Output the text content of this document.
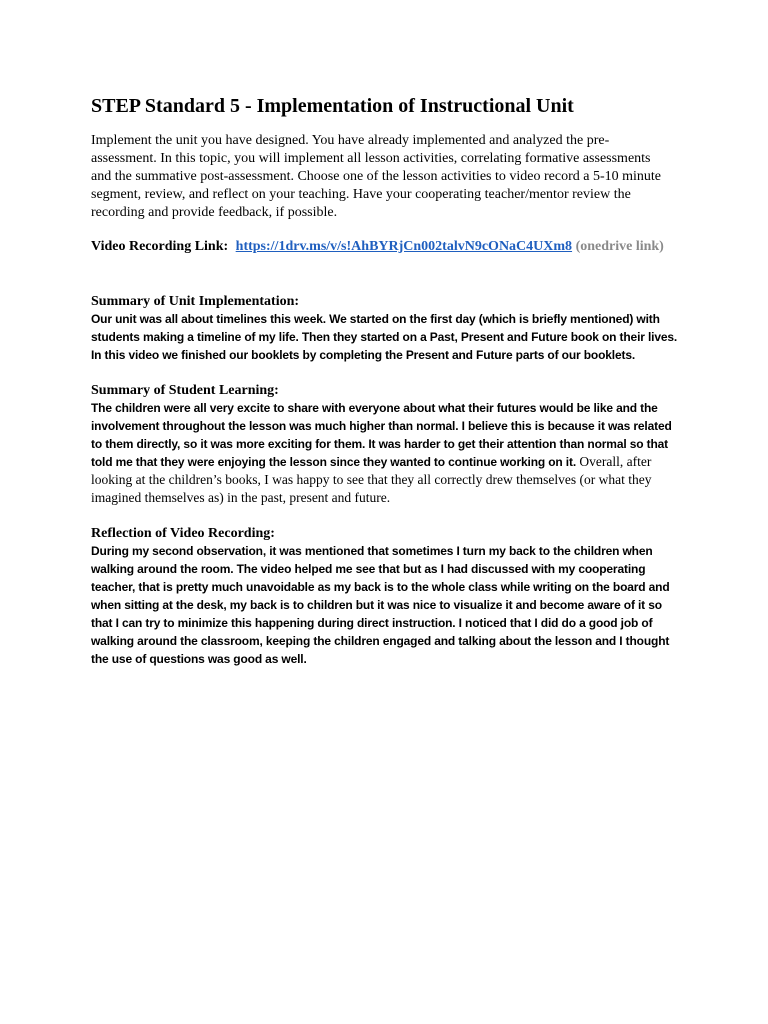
STEP Standard 5 - Implementation of Instructional Unit

Implement the unit you have designed. You have already implemented and analyzed the pre-assessment. In this topic, you will implement all lesson activities, correlating formative assessments and the summative post-assessment. Choose one of the lesson activities to video record a 5-10 minute segment, review, and reflect on your teaching. Have your cooperating teacher/mentor review the recording and provide feedback, if possible.

Video Recording Link: https://1drv.ms/v/s!AhBYRjCn002talvN9cONaC4UXm8 (onedrive link)

Summary of Unit Implementation:

Our unit was all about timelines this week. We started on the first day (which is briefly mentioned) with students making a timeline of my life. Then they started on a Past, Present and Future book on their lives. In this video we finished our booklets by completing the Present and Future parts of our booklets.

Summary of Student Learning:

The children were all very excite to share with everyone about what their futures would be like and the involvement throughout the lesson was much higher than normal. I believe this is because it was related to them directly, so it was more exciting for them. It was harder to get their attention than normal so that told me that they were enjoying the lesson since they wanted to continue working on it. Overall, after looking at the children’s books, I was happy to see that they all correctly drew themselves (or what they imagined themselves as) in the past, present and future.

Reflection of Video Recording:

During my second observation, it was mentioned that sometimes I turn my back to the children when walking around the room. The video helped me see that but as I had discussed with my cooperating teacher, that is pretty much unavoidable as my back is to the whole class while writing on the board and when sitting at the desk, my back is to children but it was nice to visualize it and become aware of it so that I can try to minimize this happening during direct instruction. I noticed that I did do a good job of walking around the classroom, keeping the children engaged and talking about the lesson and I thought the use of questions was good as well.
